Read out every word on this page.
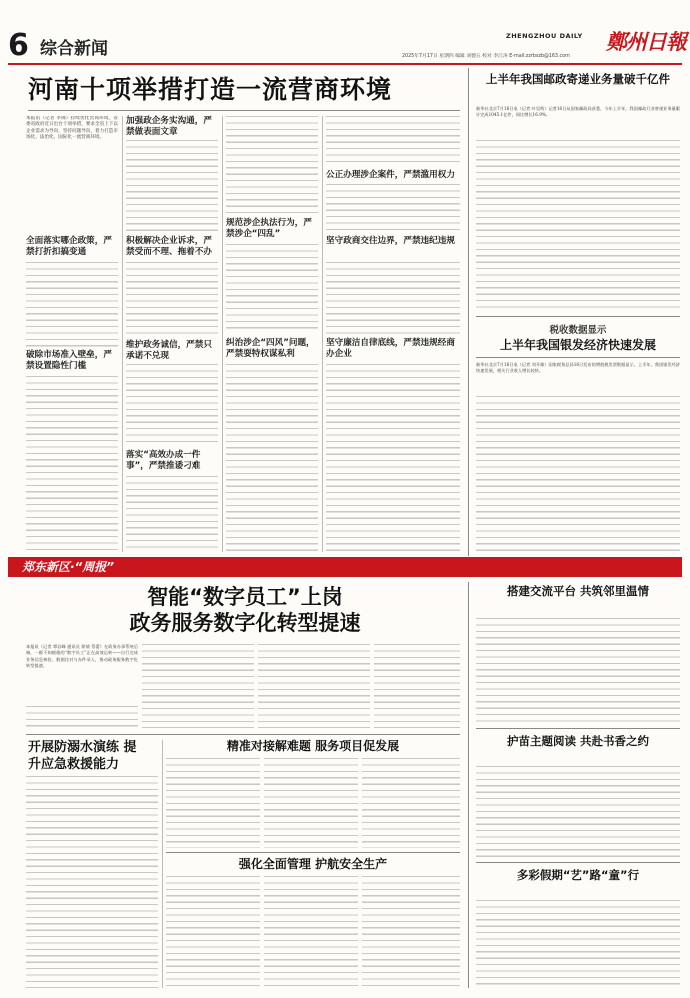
6 综合新闻
ZHENGZHOU DAILY 鄭州日報
2025年7月17日 星期四 编辑 刘德五 校对 李江涛 E-mail:zzrbszb@163.com
河南十项举措打造一流营商环境
本报讯（记者 李锦）持续优化营商环境，省委省政府近日出台十项举措，要求全省上下以企业需求为导向，坚持问题导向，着力打造市场化、法治化、国际化一流营商环境。
全面落实哪企政策，严禁打折扣搞变通
破除市场准入壁垒，严禁设置隐性门槛
加强政企务实沟通，严禁做表面文章
积极解决企业诉求，严禁受而不理、拖着不办
维护政务诚信，严禁只承诺不兑现
落实“高效办成一件事”，严禁推诿刁难
规范涉企执法行为，严禁涉企“四乱”
纠治涉企“四风”问题，严禁耍特权谋私利
公正办理涉企案件，严禁滥用权力
坚守政商交往边界，严禁违纪违规
坚守廉洁自律底线，严禁违规经商办企业
上半年我国邮政寄递业务量破千亿件
新华社北京7月16日电（记者 叶昊鸣）记者16日从国家邮政局获悉，今年上半年，我国邮政行业寄递业务量累计完成1045.1亿件，同比增长16.9%。
税收数据显示
上半年我国银发经济快速发展
新华社北京7月16日电（记者 刘开雄）国家税务总局16日发布的增值税发票数据显示，上半年，我国银发经济快速发展，相关行业收入增长较快。
郑东新区·“周报”
智能“数字员工”上岗
政务服务数字化转型提速
本报讯（记者 覃岩峰 通讯员 徐倩 蔡蕾）在政务办事系统后端，一群不知疲倦的“数字员工”正在高效运转——自行完成业务信息核验、数据比对与办件录入，推动政务服务数字化转型提速。
开展防溺水演练 提升应急救援能力
精准对接解难题 服务项目促发展
强化全面管理 护航安全生产
搭建交流平台 共筑邻里温情
护苗主题阅读 共赴书香之约
多彩假期“艺”路“童”行
